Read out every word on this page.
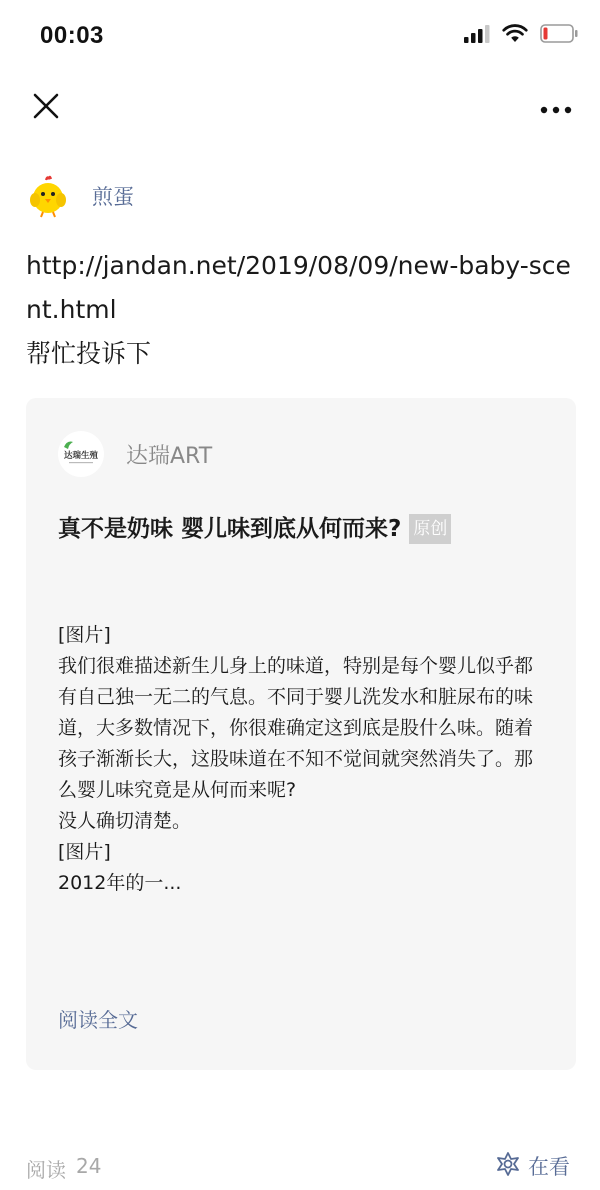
00:03
煎蛋
http://jandan.net/2019/08/09/new-baby-scent.html
帮忙投诉下
达瑞生殖 达瑞ART
真不是奶味 婴儿味到底从何而来? 原创
[图片]
我们很难描述新生儿身上的味道，特别是每个婴儿似乎都有自己独一无二的气息。不同于婴儿洗发水和脏尿布的味道，大多数情况下，你很难确定这到底是股什么味。随着孩子渐渐长大，这股味道在不知不觉间就突然消失了。那么婴儿味究竟是从何而来呢?
没人确切清楚。
[图片]
2012年的一...
阅读全文
阅读 24	在看
